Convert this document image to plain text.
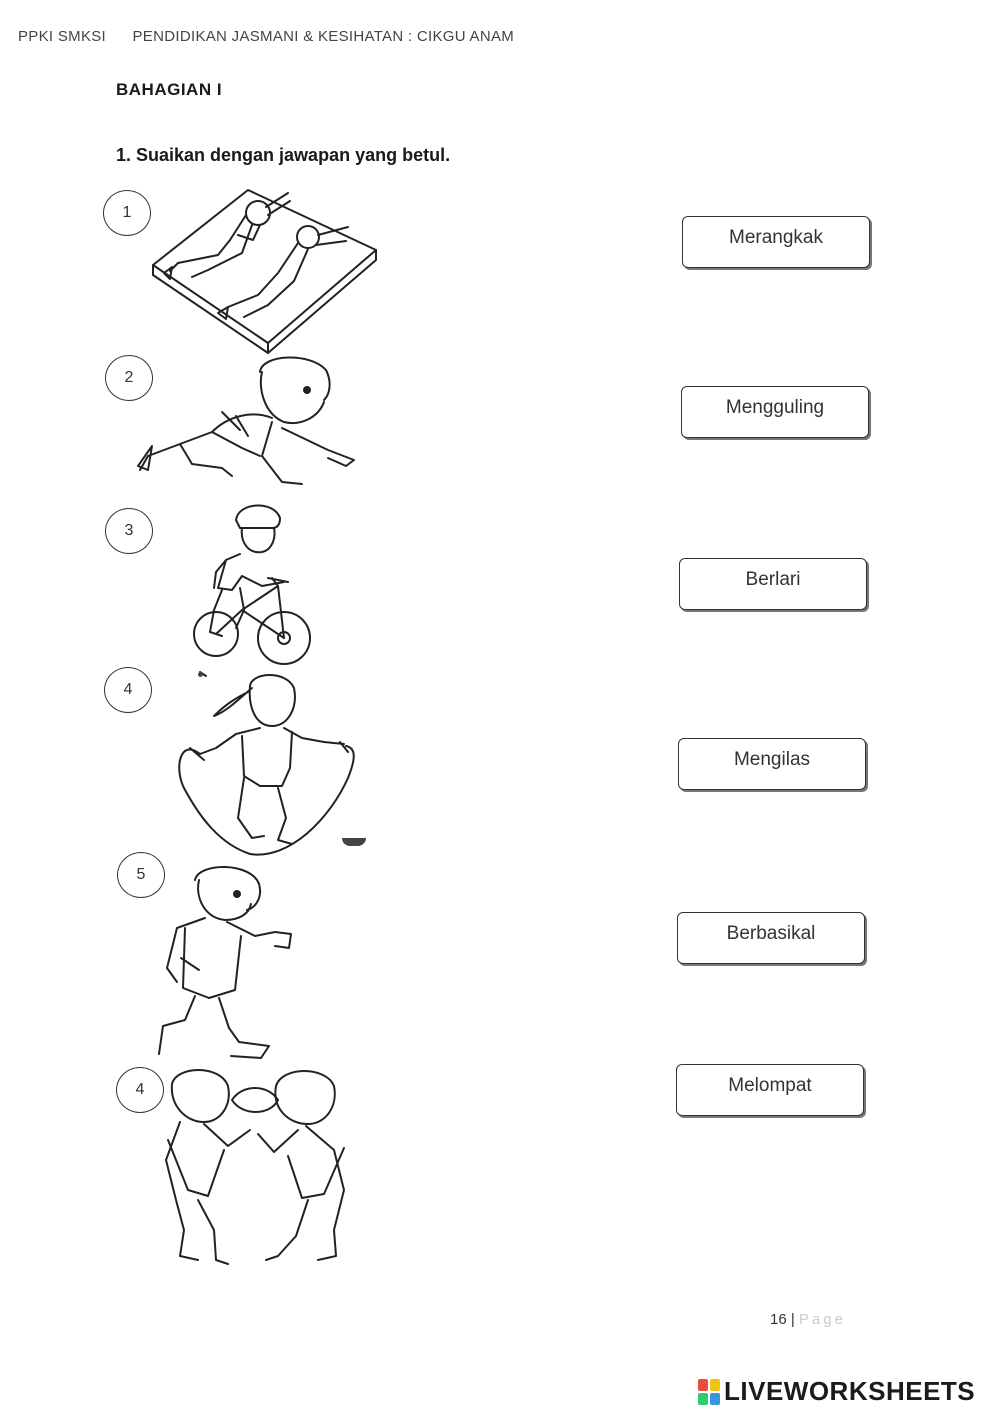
PPKI SMKSI PENDIDIKAN JASMANI & KESIHATAN : CIKGU ANAM
BAHAGIAN I
1. Suaikan dengan jawapan yang betul.
1
2
3
4
5
4
Merangkak
Mengguling
Berlari
Mengilas
Berbasikal
Melompat
16 | Page
LIVEWORKSHEETS
